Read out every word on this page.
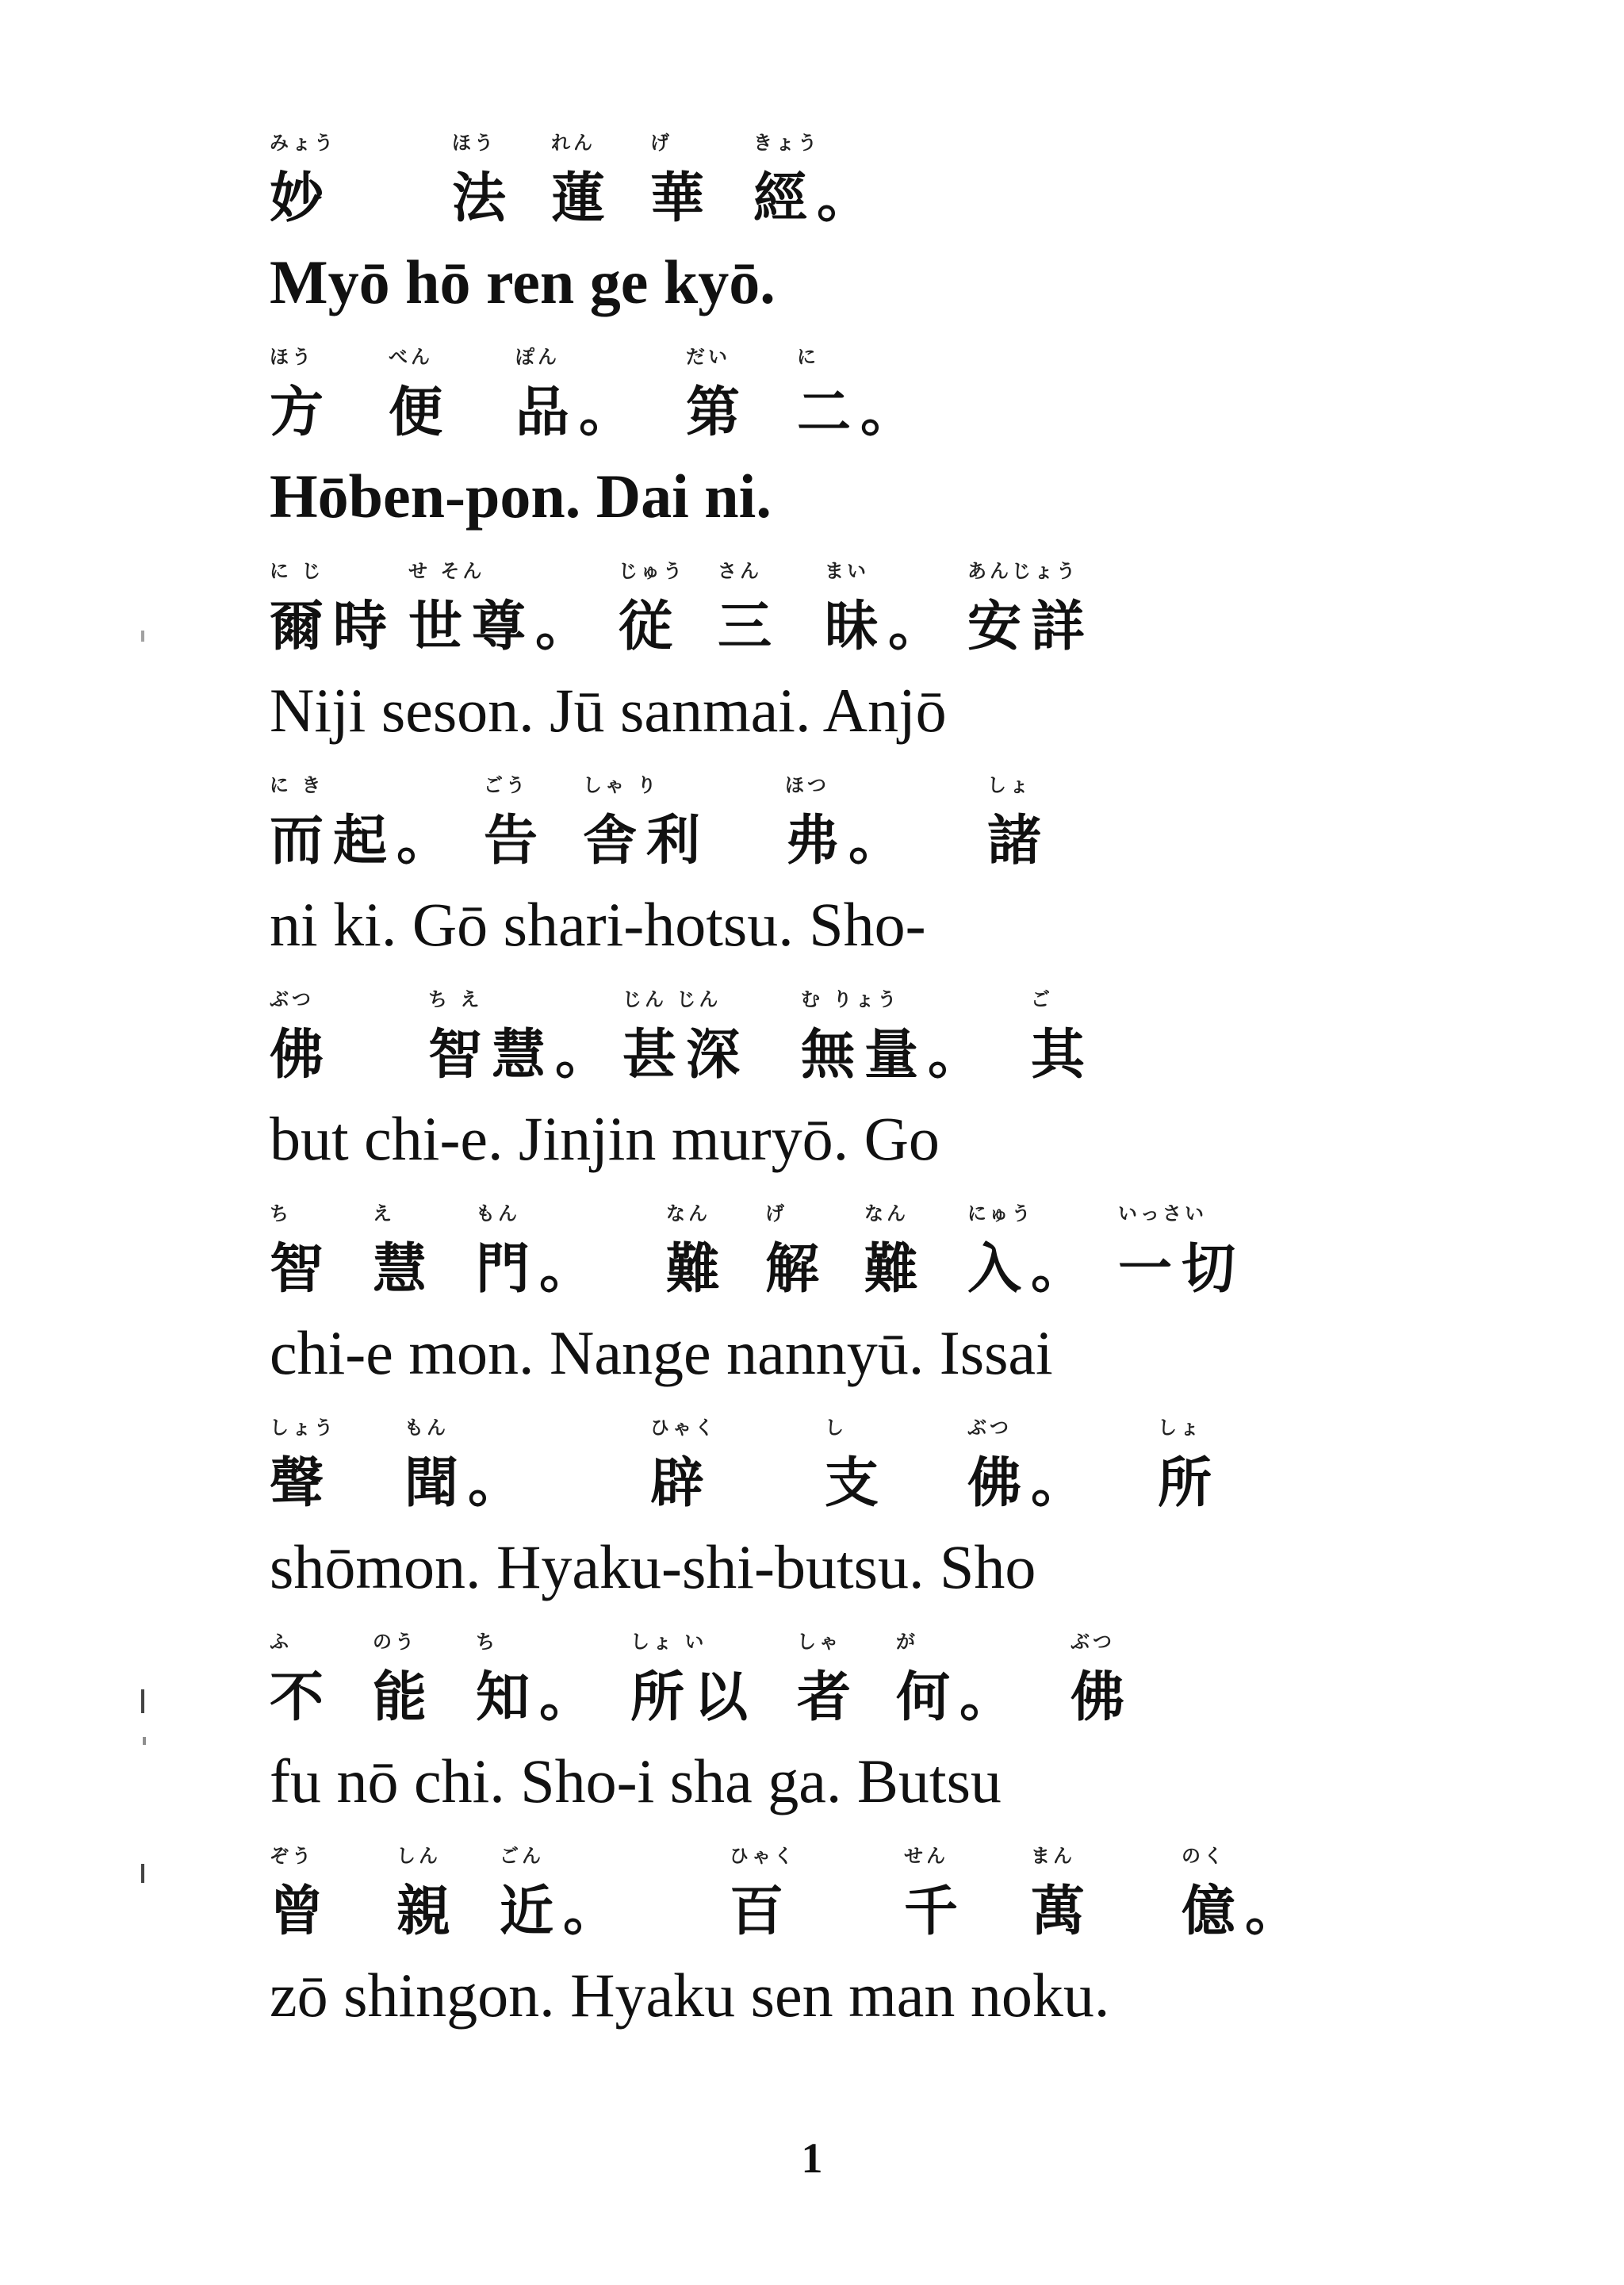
みょう
妙
ほう
法
れん
蓮
げ
華
きょう
經。
Myō hō ren ge kyō.
ほう
方
べん
便
ぽん
品。
だい
第
に
二。
Hōben-pon. Dai ni.
に じ
爾時
せ そん
世尊。
じゅう
従
さん
三
まい
昧。
あんじょう
安詳
Niji seson. Jū sanmai. Anjō
に き
而起。
ごう
告
しゃ り
舎利
ほつ
弗。
しょ
諸
ni ki. Gō shari-hotsu. Sho-
ぶつ
佛
ち え
智慧。
じん じん
甚深
む りょう
無量。
ご
其
but chi-e. Jinjin muryō. Go
ち
智
え
慧
もん
門。
なん
難
げ
解
なん
難
にゅう
入。
いっさい
一切
chi-e mon. Nange nannyū. Issai
しょう
聲
もん
聞。
ひゃく
辟
し
支
ぶつ
佛。
しょ
所
shōmon. Hyaku-shi-butsu. Sho
ふ
不
のう
能
ち
知。
しょ い
所以
しゃ
者
が
何。
ぶつ
佛
fu nō chi. Sho-i sha ga. Butsu
ぞう
曾
しん
親
ごん
近。
ひゃく
百
せん
千
まん
萬
のく
億。
zō shingon. Hyaku sen man noku.
1
